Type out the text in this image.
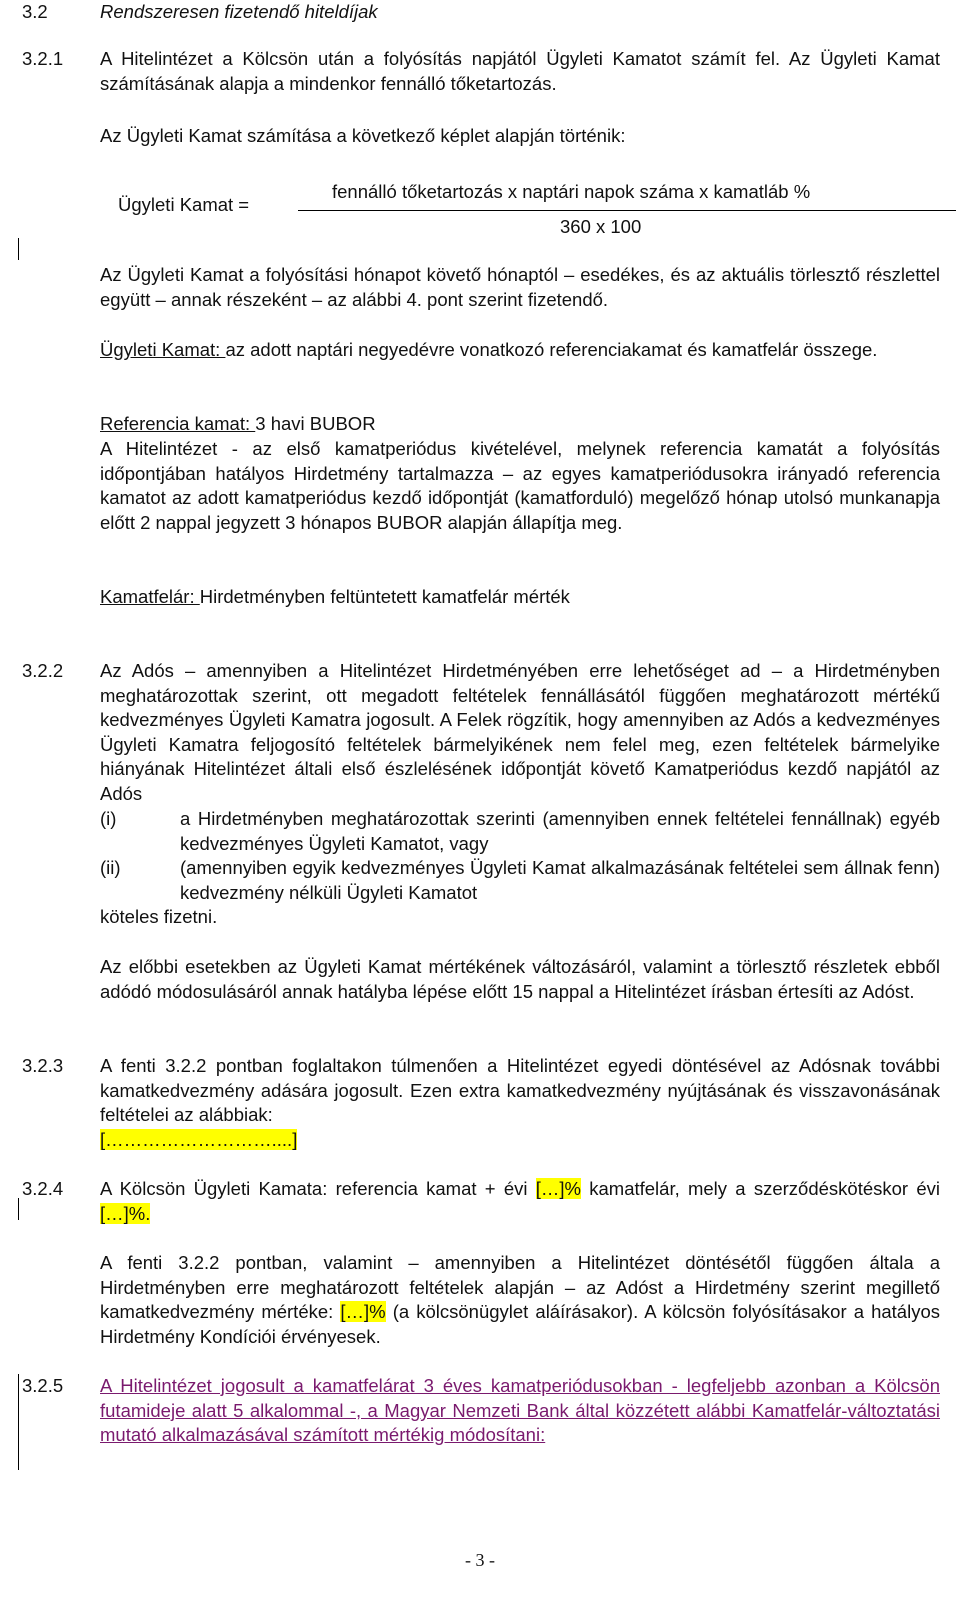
3.2	Rendszeresen fizetendő hiteldíjak
3.2.1 A Hitelintézet a Kölcsön után a folyósítás napjától Ügyleti Kamatot számít fel. Az Ügyleti Kamat számításának alapja a mindenkor fennálló tőketartozás.
Az Ügyleti Kamat számítása a következő képlet alapján történik:
Ügyleti Kamat =
fennálló tőketartozás x naptári napok száma x kamatláb %
360 x 100
Az Ügyleti Kamat a folyósítási hónapot követő hónaptól – esedékes, és az aktuális törlesztő részlettel együtt – annak részeként – az alábbi 4. pont szerint fizetendő.
Ügyleti Kamat: az adott naptári negyedévre vonatkozó referenciakamat és kamatfelár összege.
Referencia kamat: 3 havi BUBOR
A Hitelintézet - az első kamatperiódus kivételével, melynek referencia kamatát a folyósítás időpontjában hatályos Hirdetmény tartalmazza – az egyes kamatperiódusokra irányadó referencia kamatot az adott kamatperiódus kezdő időpontját (kamatforduló) megelőző hónap utolsó munkanapja előtt 2 nappal jegyzett 3 hónapos BUBOR alapján állapítja meg.
Kamatfelár: Hirdetményben feltüntetett kamatfelár mérték
3.2.2 Az Adós – amennyiben a Hitelintézet Hirdetményében erre lehetőséget ad – a Hirdetményben meghatározottak szerint, ott megadott feltételek fennállásától függően meghatározott mértékű kedvezményes Ügyleti Kamatra jogosult. A Felek rögzítik, hogy amennyiben az Adós a kedvezményes Ügyleti Kamatra feljogosító feltételek bármelyikének nem felel meg, ezen feltételek bármelyike hiányának Hitelintézet általi első észlelésének időpontját követő Kamatperiódus kezdő napjától az Adós
(i)	a Hirdetményben meghatározottak szerinti (amennyiben ennek feltételei fennállnak) egyéb kedvezményes Ügyleti Kamatot, vagy
(ii)	(amennyiben egyik kedvezményes Ügyleti Kamat alkalmazásának feltételei sem állnak fenn) kedvezmény nélküli Ügyleti Kamatot
köteles fizetni.
Az előbbi esetekben az Ügyleti Kamat mértékének változásáról, valamint a törlesztő részletek ebből adódó módosulásáról annak hatályba lépése előtt 15 nappal a Hitelintézet írásban értesíti az Adóst.
3.2.3 A fenti 3.2.2 pontban foglaltakon túlmenően a Hitelintézet egyedi döntésével az Adósnak további kamatkedvezmény adására jogosult. Ezen extra kamatkedvezmény nyújtásának és visszavonásának feltételei az alábbiak:
[………………………....]
3.2.4 A Kölcsön Ügyleti Kamata: referencia kamat + évi […]% kamatfelár, mely a szerződéskötéskor évi […]%.
A fenti 3.2.2 pontban, valamint – amennyiben a Hitelintézet döntésétől függően általa a Hirdetményben erre meghatározott feltételek alapján – az Adóst a Hirdetmény szerint megillető kamatkedvezmény mértéke: […]% (a kölcsönügylet aláírásakor). A kölcsön folyósításakor a hatályos Hirdetmény Kondíciói érvényesek.
3.2.5 A Hitelintézet jogosult a kamatfelárat 3 éves kamatperiódusokban - legfeljebb azonban a Kölcsön futamideje alatt 5 alkalommal -, a Magyar Nemzeti Bank által közzétett alábbi Kamatfelár-változtatási mutató alkalmazásával számított mértékig módosítani:
- 3 -
